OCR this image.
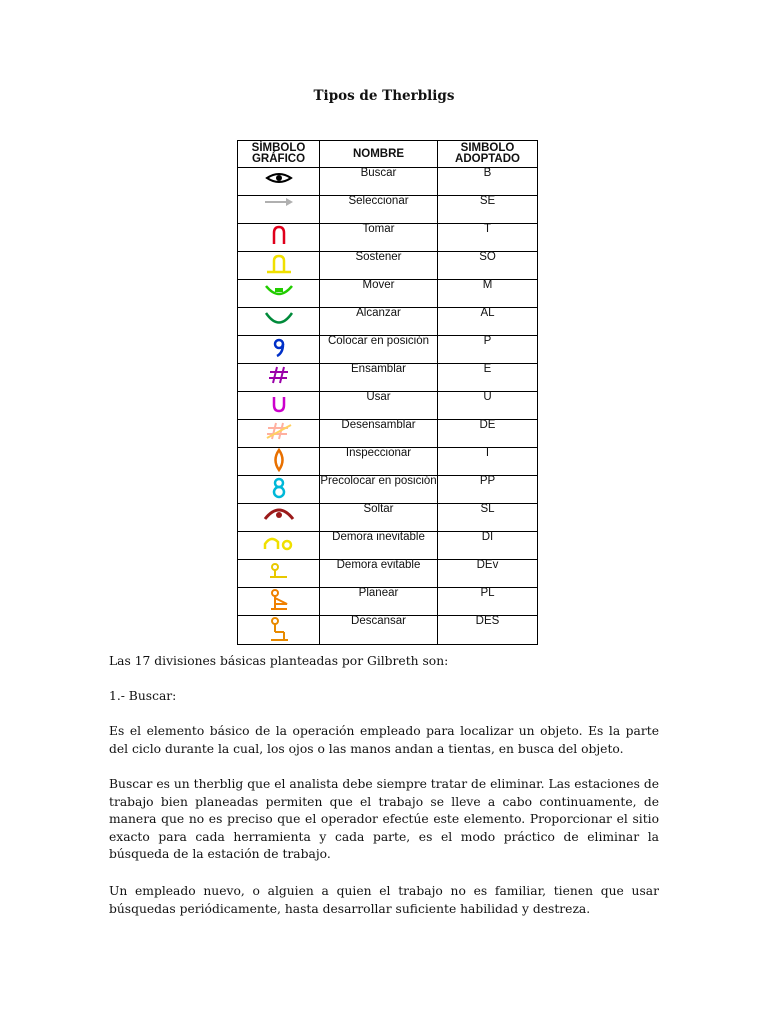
Tipos de Therbligs
SÍMBOLO
GRÁFICO	NOMBRE	SIMBOLO
ADOPTADO

	Buscar	B

	Seleccionar	SE

	Tomar	T

	Sostener	SO

	Mover	M

	Alcanzar	AL

	Colocar en posición	P

	Ensamblar	E

	Usar	U

	Desensamblar	DE

	Inspeccionar	I

	Precolocar en posición	PP

	Soltar	SL

	Demora inevitable	DI

	Demora evitable	DEv

	Planear	PL

	Descansar	DES
Las 17 divisiones básicas planteadas por Gilbreth son:
1.- Buscar:

Es el elemento básico de la operación empleado para localizar un objeto. Es la parte del ciclo durante la cual, los ojos o las manos andan a tientas, en busca del objeto.

Buscar es un therblig que el analista debe siempre tratar de eliminar. Las estaciones de trabajo bien planeadas permiten que el trabajo se lleve a cabo continuamente, de manera que no es preciso que el operador efectúe este elemento. Proporcionar el sitio exacto para cada herramienta y cada parte, es el modo práctico de eliminar la búsqueda de la estación de trabajo.

Un empleado nuevo, o alguien a quien el trabajo no es familiar, tienen que usar búsquedas periódicamente, hasta desarrollar suficiente habilidad y destreza.
